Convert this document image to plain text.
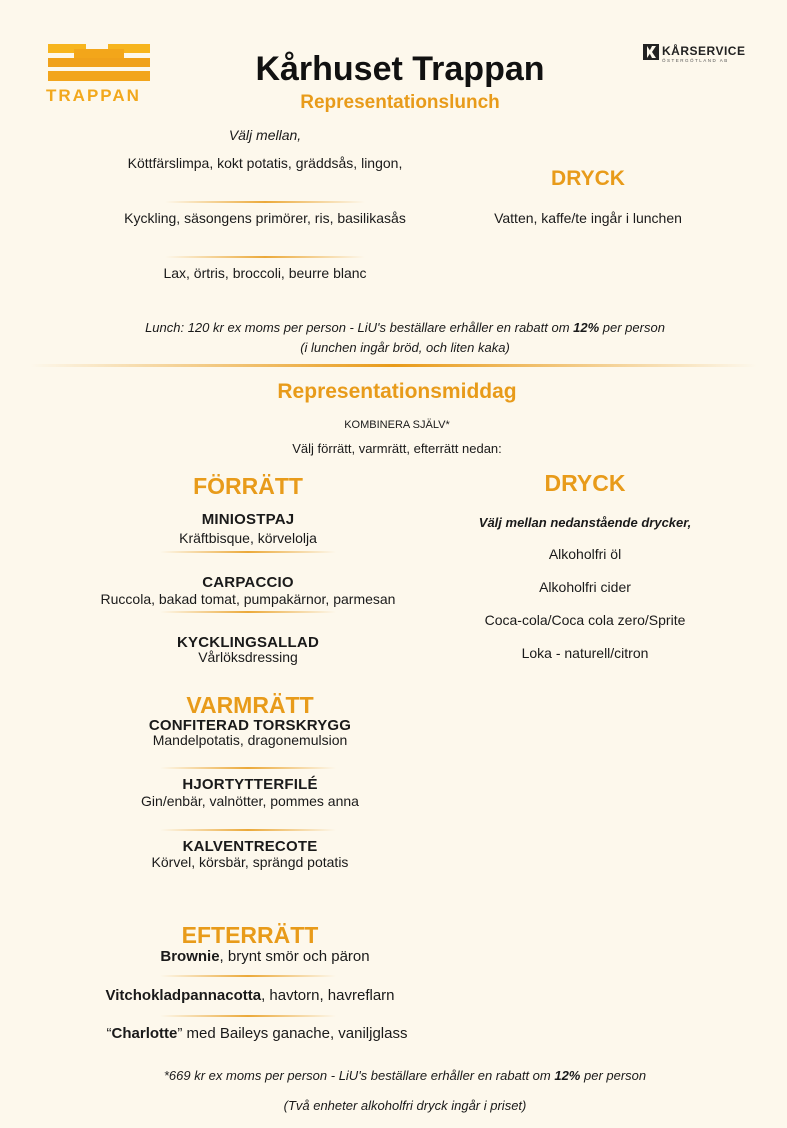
TRAPPAN
KÅRSERVICE
ÖSTERGÖTLAND AB
Kårhuset Trappan
Representationslunch
Välj mellan,
Köttfärslimpa, kokt potatis, gräddsås, lingon,
Kyckling, säsongens primörer, ris, basilikasås
Lax, örtris, broccoli, beurre blanc
DRYCK
Vatten, kaffe/te ingår i lunchen
Lunch: 120 kr ex moms per person - LiU's beställare erhåller en rabatt om 12% per person
(i lunchen ingår bröd, och liten kaka)
Representationsmiddag
KOMBINERA SJÄLV*
Välj förrätt, varmrätt, efterrätt nedan:
FÖRRÄTT
MINIOSTPAJ
Kräftbisque, körvelolja
CARPACCIO
Ruccola, bakad tomat, pumpakärnor, parmesan
KYCKLINGSALLAD
Vårlöksdressing
VARMRÄTT
CONFITERAD TORSKRYGG
Mandelpotatis, dragonemulsion
HJORTYTTERFILÉ
Gin/enbär, valnötter, pommes anna
KALVENTRECOTE
Körvel, körsbär, sprängd potatis
EFTERRÄTT
Brownie, brynt smör och päron
Vitchokladpannacotta, havtorn, havreflarn
“Charlotte” med Baileys ganache, vaniljglass
DRYCK
Välj mellan nedanstående drycker,
Alkoholfri öl
Alkoholfri cider
Coca-cola/Coca cola zero/Sprite
Loka - naturell/citron
*669 kr ex moms per person - LiU's beställare erhåller en rabatt om 12% per person
(Två enheter alkoholfri dryck ingår i priset)
